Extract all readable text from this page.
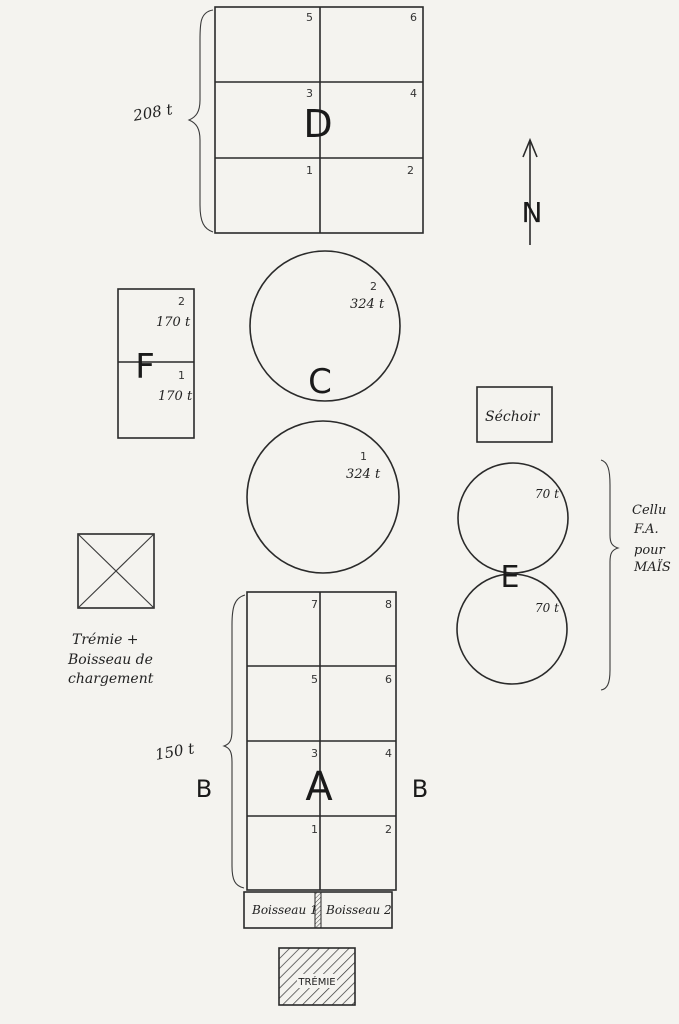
5	6
3	4
1	2
D
208 t
N
2
170 t
1
170 t
F
2
324 t
C
1
324 t
Séchoir
70 t
70 t
E
Cellu
F.A.
pour
MAÏS
Trémie +
Boisseau de
chargement
7	8
5	6
3	4
1	2
A
B	B
150 t
Boisseau 1 Boisseau 2
TRÉMIE
